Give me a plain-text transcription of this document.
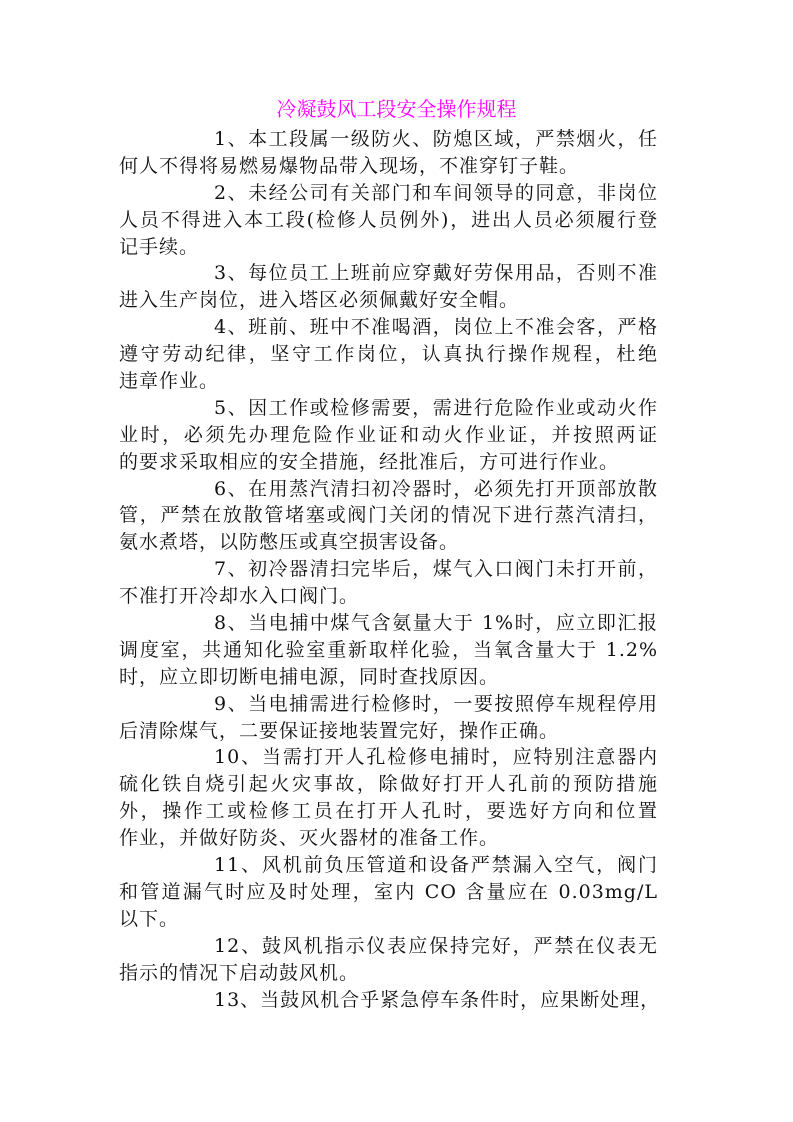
冷凝鼓风工段安全操作规程
1、本工段属一级防火、防熄区域，严禁烟火，任
何人不得将易燃易爆物品带入现场，不准穿钉子鞋。
2、未经公司有关部门和车间领导的同意，非岗位
人员不得进入本工段(检修人员例外)，进出人员必须履行登
记手续。
3、每位员工上班前应穿戴好劳保用品，否则不准
进入生产岗位，进入塔区必须佩戴好安全帽。
4、班前、班中不准喝酒，岗位上不准会客，严格
遵守劳动纪律，坚守工作岗位，认真执行操作规程，杜绝
违章作业。
5、因工作或检修需要，需进行危险作业或动火作
业时，必须先办理危险作业证和动火作业证，并按照两证
的要求采取相应的安全措施，经批准后，方可进行作业。
6、在用蒸汽清扫初冷器时，必须先打开顶部放散
管，严禁在放散管堵塞或阀门关闭的情况下进行蒸汽清扫，
氨水煮塔，以防憋压或真空损害设备。
7、初冷器清扫完毕后，煤气入口阀门未打开前，
不准打开冷却水入口阀门。
8、当电捕中煤气含氨量大于 1%时，应立即汇报
调度室，共通知化验室重新取样化验，当氧含量大于 1.2%
时，应立即切断电捕电源，同时查找原因。
9、当电捕需进行检修时，一要按照停车规程停用
后清除煤气，二要保证接地装置完好，操作正确。
10、当需打开人孔检修电捕时，应特别注意器内
硫化铁自烧引起火灾事故，除做好打开人孔前的预防措施
外，操作工或检修工员在打开人孔时，要选好方向和位置
作业，并做好防炎、灭火器材的准备工作。
11、风机前负压管道和设备严禁漏入空气，阀门
和管道漏气时应及时处理，室内 CO 含量应在 0.03mg/L
以下。
12、鼓风机指示仪表应保持完好，严禁在仪表无
指示的情况下启动鼓风机。
13、当鼓风机合乎紧急停车条件时，应果断处理，
